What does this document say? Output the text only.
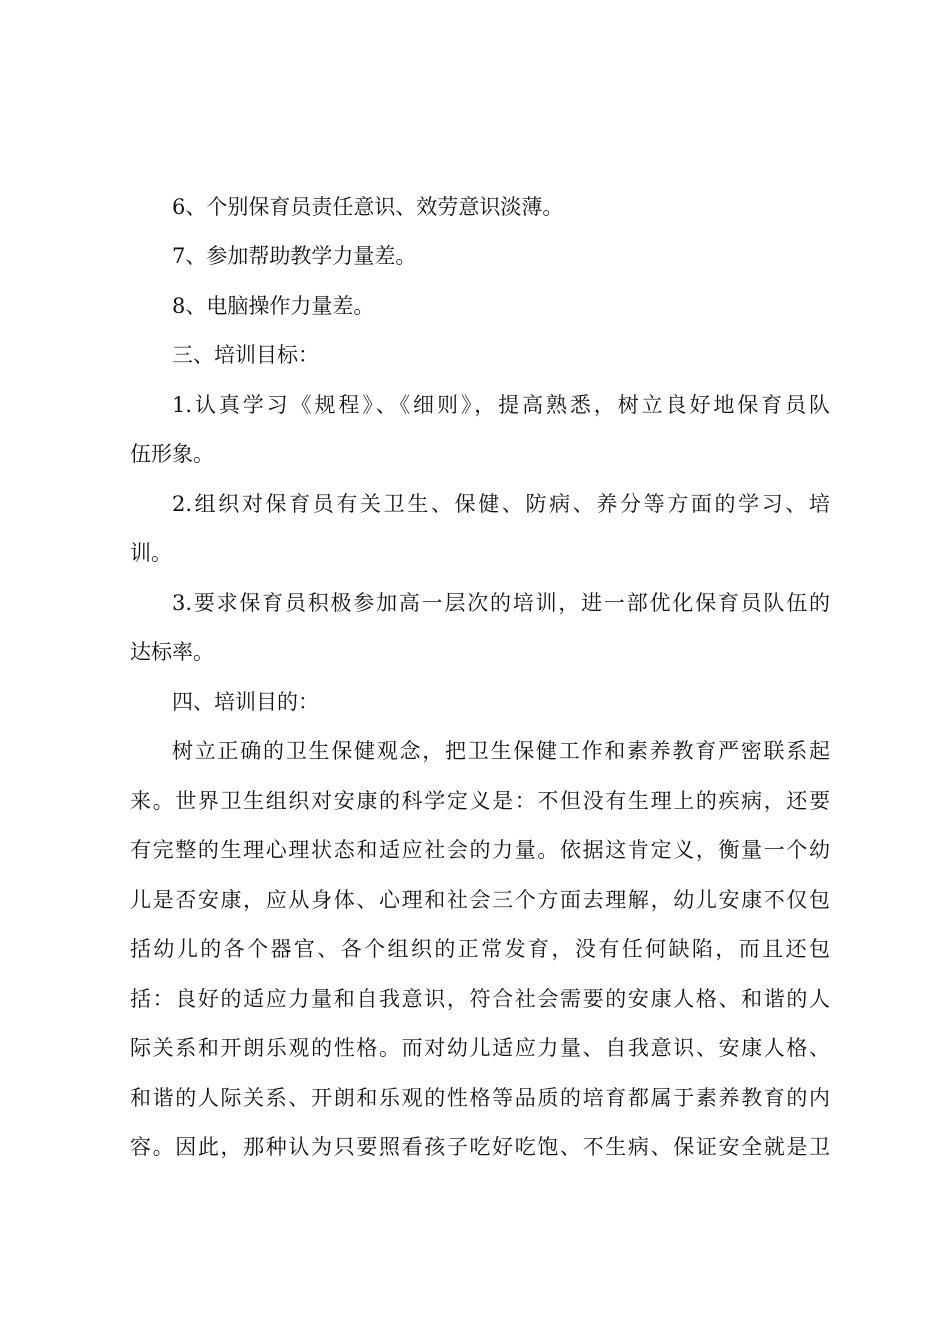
6、个别保育员责任意识、效劳意识淡薄。
7、参加帮助教学力量差。
8、电脑操作力量差。
三、培训目标：
1.认真学习《规程》、《细则》，提高熟悉，树立良好地保育员队
伍形象。
2.组织对保育员有关卫生、保健、防病、养分等方面的学习、培
训。
3.要求保育员积极参加高一层次的培训，进一部优化保育员队伍的
达标率。
四、培训目的：
树立正确的卫生保健观念，把卫生保健工作和素养教育严密联系起
来。世界卫生组织对安康的科学定义是：不但没有生理上的疾病，还要
有完整的生理心理状态和适应社会的力量。依据这肯定义，衡量一个幼
儿是否安康，应从身体、心理和社会三个方面去理解，幼儿安康不仅包
括幼儿的各个器官、各个组织的正常发育，没有任何缺陷，而且还包
括：良好的适应力量和自我意识，符合社会需要的安康人格、和谐的人
际关系和开朗乐观的性格。而对幼儿适应力量、自我意识、安康人格、
和谐的人际关系、开朗和乐观的性格等品质的培育都属于素养教育的内
容。因此，那种认为只要照看孩子吃好吃饱、不生病、保证安全就是卫
